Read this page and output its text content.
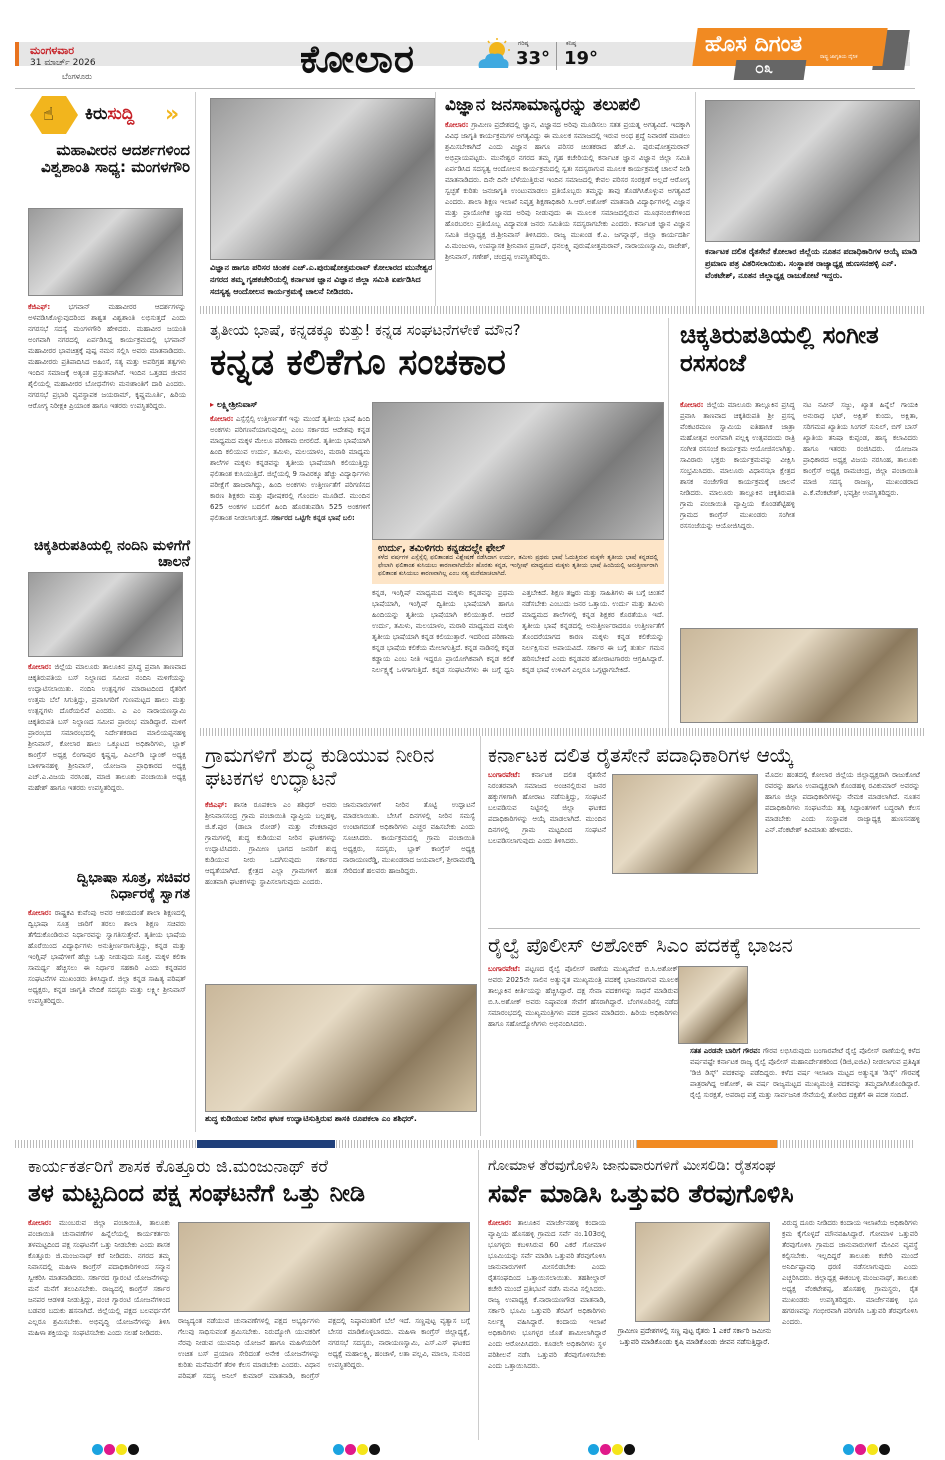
ಮಂಗಳವಾರ
31 ಮಾರ್ಚ್ 2026
ಬೆಂಗಳೂರು	ಕೋಲಾರ	ಗರಿಷ್ಠ
33°
ಕನಿಷ್ಠ
19°
ಹೊಸ ದಿಗಂತ	ರಾಷ್ಟ್ರ ಜಾಗೃತಿಯ ದೈನಿಕ
೦೩
☝ ಕಿರುಸುದ್ದಿ »
ಮಹಾವೀರನ ಆದರ್ಶಗಳಿಂದ ವಿಶ್ವಶಾಂತಿ ಸಾಧ್ಯ: ಮಂಗಳಗೌರಿ
ಕೆಜಿಎಫ್:	ಭಗವಾನ್ ಮಹಾವೀರರ ಆದರ್ಶಗಳನ್ನು ಅಳವಡಿಸಿಕೊಳ್ಳುವುದರಿಂದ ಶಾಶ್ವತ ವಿಶ್ವಶಾಂತಿ ಲಭಿಸುತ್ತದೆ ಎಂದು ನಗರಸಭೆ ಸದಸ್ಯೆ ಮಂಗಳಗೌರಿ ಹೇಳಿದರು. ಮಹಾವೀರ ಜಯಂತಿ ಅಂಗವಾಗಿ ನಗರದಲ್ಲಿ ಏರ್ಪಡಿಸಿದ್ದ ಕಾರ್ಯಕ್ರಮದಲ್ಲಿ ಭಗವಾನ್ ಮಹಾವೀರರ ಭಾವಚಿತ್ರಕ್ಕೆ ಪುಷ್ಪ ನಮನ ಸಲ್ಲಿಸಿ ಅವರು ಮಾತನಾಡಿದರು. ಮಹಾವೀರರು ಪ್ರತಿಪಾದಿಸಿದ ಅಹಿಂಸೆ, ಸತ್ಯ ಮತ್ತು ಅಪರಿಗ್ರಹ ತತ್ವಗಳು ಇಂದಿನ ಸಮಾಜಕ್ಕೆ ಅತ್ಯಂತ ಪ್ರಸ್ತುತವಾಗಿವೆ. ಇಂದಿನ ಒತ್ತಡದ ಜೀವನ ಶೈಲಿಯಲ್ಲಿ ಮಹಾವೀರರ ಬೋಧನೆಗಳು ಮನಃಶಾಂತಿಗೆ ದಾರಿ ಎಂದರು. ನಗರಸಭೆ ಪ್ರಭಾರಿ ವ್ಯವಸ್ಥಾಪಕ ಜಯರಾಮ್, ಕೃಷ್ಣಮೂರ್ತಿ, ಹಿರಿಯ ಆರೋಗ್ಯ ನಿರೀಕ್ಷಕಿ ಪ್ರಿಯಾಂಕ ಹಾಗೂ ಇತರರು ಉಪಸ್ಥಿತರಿದ್ದರು.
ಚಿಕ್ಕತಿರುಪತಿಯಲ್ಲಿ ನಂದಿನಿ ಮಳಿಗೆಗೆ ಚಾಲನೆ
ಕೋಲಾರ: ಜಿಲ್ಲೆಯ ಮಾಲೂರು ತಾಲೂಕಿನ ಪ್ರಸಿದ್ಧ ಪ್ರವಾಸಿ ತಾಣವಾದ ಚಿಕ್ಕತಿರುಪತಿಯ ಬಸ್ ನಿಲ್ದಾಣದ ಸಮೀಪ ನಂದಿನಿ ಮಳಿಗೆಯನ್ನು ಉದ್ಘಾಟಿಸಲಾಯಿತು. ನಂದಿನಿ ಉತ್ಪನ್ನಗಳ ಮಾರಾಟದಿಂದ ರೈತರಿಗೆ ಉತ್ತಮ ಬೆಲೆ ಸಿಗುತ್ತಿದ್ದು, ಪ್ರವಾಸಿಗರಿಗೆ ಗುಣಮಟ್ಟದ ಹಾಲು ಮತ್ತು ಉತ್ಪನ್ನಗಳು ದೊರೆಯಲಿವೆ ಎಂದರು. ಎ ಎಂ ನಾರಾಯಣಸ್ವಾಮಿ ಚಿಕ್ಕತಿರುಪತಿ ಬಸ್ ನಿಲ್ದಾಣದ ಸಮೀಪ ಪ್ರಾರಂಭ ಮಾಡಿದ್ದಾರೆ. ಮಳಿಗೆ ಪ್ರಾರಂಭದ ಸಮಾರಂಭದಲ್ಲಿ ನಿರ್ದೇಶಕರಾದ ಮಾಲಿಯಪ್ಪನಹಳ್ಳಿ ಶ್ರೀನಿವಾಸ್, ಕೋಲಾರ ಹಾಲು ಒಕ್ಕೂಟದ ಅಧಿಕಾರಿಗಳು, ಬ್ಲಾಕ್ ಕಾಂಗ್ರೆಸ್ ಅಧ್ಯಕ್ಷ ಲಿಂಗಾಪುರ ಕೃಷ್ಣಪ್ಪ, ಪಿಎಲ್‌ಡಿ ಬ್ಯಾಂಕ್ ಅಧ್ಯಕ್ಷ ಬಾಳಿಗಾನಹಳ್ಳಿ ಶ್ರೀನಿವಾಸ್, ಯೋಜನಾ ಪ್ರಾಧಿಕಾರದ ಅಧ್ಯಕ್ಷ ಎಚ್.ಎ.ವಿಜಯ ನರಸಿಂಹ, ಮಾಜಿ ತಾಲೂಕು ಪಂಚಾಯಿತಿ ಅಧ್ಯಕ್ಷ ಮಹೇಶ್ ಹಾಗೂ ಇತರರು ಉಪಸ್ಥಿತರಿದ್ದರು.
ದ್ವಿಭಾಷಾ ಸೂತ್ರ, ಸಚಿವರ ನಿರ್ಧಾರಕ್ಕೆ ಸ್ವಾಗತ
ಕೋಲಾರ: ರಾಷ್ಟ್ರಕವಿ ಕುವೆಂಪು ಅವರ ಆಶಯದಂತೆ ಶಾಲಾ ಶಿಕ್ಷಣದಲ್ಲಿ ದ್ವಿಭಾಷಾ ಸೂತ್ರ ಜಾರಿಗೆ ತರಲು ಶಾಲಾ ಶಿಕ್ಷಣ ಸಚಿವರು ತೆಗೆದುಕೊಂಡಿರುವ ನಿರ್ಧಾರವನ್ನು ಸ್ವಾಗತಿಸುತ್ತೇವೆ. ತೃತೀಯ ಭಾಷೆಯ ಹೊರೆಯಿಂದ ವಿದ್ಯಾರ್ಥಿಗಳು ಅನುತ್ತೀರ್ಣರಾಗುತ್ತಿದ್ದು, ಕನ್ನಡ ಮತ್ತು ಇಂಗ್ಲಿಷ್ ಭಾಷೆಗಳಿಗೆ ಹೆಚ್ಚು ಒತ್ತು ನೀಡುವುದು ಸೂಕ್ತ. ಮಕ್ಕಳ ಕಲಿಕಾ ಸಾಮರ್ಥ್ಯ ಹೆಚ್ಚಿಸಲು ಈ ನಿರ್ಧಾರ ಸಹಕಾರಿ ಎಂದು ಕನ್ನಡಪರ ಸಂಘಟನೆಗಳ ಮುಖಂಡರು ತಿಳಿಸಿದ್ದಾರೆ. ಜಿಲ್ಲಾ ಕನ್ನಡ ಸಾಹಿತ್ಯ ಪರಿಷತ್ ಅಧ್ಯಕ್ಷರು, ಕನ್ನಡ ಜಾಗೃತಿ ವೇದಿಕೆ ಸದಸ್ಯರು ಮತ್ತು ಲಕ್ಷ್ಮೀ ಶ್ರೀನಿವಾಸ್ ಉಪಸ್ಥಿತರಿದ್ದರು.
ವಿಜ್ಞಾನ ಹಾಗೂ ಪರಿಸರ ಚಿಂತಕ ಎಚ್.ಎ.ಪುರುಷೋತ್ತಮರಾವ್ ಕೋಲಾರದ ಮುನೇಶ್ವರ ನಗರದ ತಮ್ಮ ಗೃಹಕಚೇರಿಯಲ್ಲಿ ಕರ್ನಾಟಕ ಜ್ಞಾನ ವಿಜ್ಞಾನ ಜಿಲ್ಲಾ ಸಮಿತಿ ಏರ್ಪಡಿಸಿದ ಸದಸ್ಯತ್ವ ಆಂದೋಲನ ಕಾರ್ಯಕ್ರಮಕ್ಕೆ ಚಾಲನೆ ನೀಡಿದರು.
ವಿಜ್ಞಾನ ಜನಸಾಮಾನ್ಯರನ್ನು ತಲುಪಲಿ
ಕೋಲಾರ: ಗ್ರಾಮೀಣ ಪ್ರದೇಶದಲ್ಲಿ ಜ್ಞಾನ, ವಿಜ್ಞಾನದ ಅರಿವು ಮೂಡಿಸಲು ಸತತ ಪ್ರಯತ್ನ ಅಗತ್ಯವಿದೆ. ಇದಕ್ಕಾಗಿ ವಿವಿಧ ಜಾಗೃತಿ ಕಾರ್ಯಕ್ರಮಗಳ ಅಗತ್ಯವಿದ್ದು ಈ ಮೂಲಕ ಸಮಾಜದಲ್ಲಿ ಇರುವ ಅಂಧ ಶ್ರದ್ಧೆ ನಿವಾರಣೆ ಮಾಡಲು ಶ್ರಮಿಸಬೇಕಾಗಿದೆ ಎಂದು ವಿಜ್ಞಾನ ಹಾಗೂ ಪರಿಸರ ಚಿಂತಕರಾದ ಹೆಚ್.ಎ. ಪುರುಷೋತ್ತಮರಾವ್ ಅಭಿಪ್ರಾಯಪಟ್ಟರು. ಮುನೇಶ್ವರ ನಗರದ ತಮ್ಮ ಗೃಹ ಕಚೇರಿಯಲ್ಲಿ ಕರ್ನಾಟಕ ಜ್ಞಾನ ವಿಜ್ಞಾನ ಜಿಲ್ಲಾ ಸಮಿತಿ ಏರ್ಪಡಿಸಿದ ಸದಸ್ಯತ್ವ ಆಂದೋಲನ ಕಾರ್ಯಕ್ರಮದಲ್ಲಿ ಸ್ವತಃ ಸದಸ್ಯರಾಗುವ ಮೂಲಕ ಕಾರ್ಯಕ್ರಮಕ್ಕೆ ಚಾಲನೆ ನೀಡಿ ಮಾತನಾಡಿದರು. ದಿನೇ ದಿನೇ ಬೆಳೆಯುತ್ತಿರುವ ಇಂದಿನ ಸಮಾಜದಲ್ಲಿ ಕೇವಲ ಪರಿಸರ ಸಂರಕ್ಷಣೆ ಅಲ್ಲದೆ ಆರೋಗ್ಯ ಸ್ವಚ್ಛತೆ ಕುರಿತು ಜನಜಾಗೃತಿ ಉಂಟುಮಾಡಲು ಪ್ರತಿಯೊಬ್ಬರು ತಮ್ಮನ್ನು ತಾವು ತೊಡಗಿಸಿಕೊಳ್ಳುವ ಅಗತ್ಯವಿದೆ ಎಂದರು. ಶಾಲಾ ಶಿಕ್ಷಣ ಇಲಾಖೆ ನಿವೃತ್ತ ಶಿಕ್ಷಣಾಧಿಕಾರಿ ಸಿ.ಆರ್.ಅಶೋಕ್ ಮಾತನಾಡಿ ವಿದ್ಯಾರ್ಥಿಗಳಲ್ಲಿ ವಿಜ್ಞಾನ ಮತ್ತು ಪ್ರಾಯೋಗಿಕ ಜ್ಞಾನದ ಅರಿವು ನೀಡುವುದು ಈ ಮೂಲಕ ಸಮಾಜದಲ್ಲಿರುವ ಮೂಢನಂಬಿಕೆಗಳಿಂದ ಹೊರಬರಲು ಪ್ರತಿಯೊಬ್ಬ ವಿದ್ಯಾವಂತ ಜನರು ಸಮಿತಿಯ ಸದಸ್ಯರಾಗಬೇಕು ಎಂದರು. ಕರ್ನಾಟಕ ಜ್ಞಾನ ವಿಜ್ಞಾನ ಸಮಿತಿ ಜಿಲ್ಲಾಧ್ಯಕ್ಷ ಜಿ.ಶ್ರೀನಿವಾಸ್ ತಿಳಿಸಿದರು. ರಾಜ್ಯ ಮುಖಂಡ ಕೆ.ಎ. ಜಗನ್ನಾಥ್, ಜಿಲ್ಲಾ ಕಾರ್ಯದರ್ಶಿ ವಿ.ಮಂಜುಳಾ, ಉಪನ್ಯಾಸಕ ಶ್ರೀನಿವಾಸ ಪ್ರಸಾದ್, ಧನಲಕ್ಷ್ಮಿ ಪುರುಷೋತ್ತಮರಾವ್, ನಾರಾಯಣಸ್ವಾಮಿ, ರಾಜೇಶ್, ಶ್ರೀನಿವಾಸ್, ಗಣೇಶ್, ಚಂದ್ರಪ್ಪ ಉಪಸ್ಥಿತರಿದ್ದರು.
ಕರ್ನಾಟಕ ದಲಿತ ರೈತಸೇನೆ ಕೋಲಾರ ಜಿಲ್ಲೆಯ ನೂತನ ಪದಾಧಿಕಾರಿಗಳ ಆಯ್ಕೆ ಮಾಡಿ ಪ್ರಮಾಣ ಪತ್ರ ವಿತರಿಸಲಾಯಿತು. ಸಂಸ್ಥಾಪಕ ರಾಜ್ಯಾಧ್ಯಕ್ಷ ಹುಣಸನಹಳ್ಳಿ ಎನ್. ವೆಂಕಟೇಶ್, ನೂತನ ಜಿಲ್ಲಾಧ್ಯಕ್ಷ ರಾಜುಕೋಟೆ ಇದ್ದರು.
ತೃತೀಯ ಭಾಷೆ, ಕನ್ನಡಕ್ಕೂ ಕುತ್ತು! ಕನ್ನಡ ಸಂಘಟನೆಗಳೇಕೆ ಮೌನ?
ಕನ್ನಡ ಕಲಿಕೆಗೂ ಸಂಚಕಾರ
▸ ಲಕ್ಷ್ಮೀಶ್ರೀನಿವಾಸ್
ಕೋಲಾರ: ಎಸ್ಸೆಸ್ಸೆಲ್ಸಿ ಉತ್ತೀರ್ಣತೆಗೆ ಇನ್ನು ಮುಂದೆ ತೃತೀಯ ಭಾಷೆ ಹಿಂದಿ ಅಂಕಗಳು ಪರಿಗಣನೆಯಾಗುವುದಿಲ್ಲ ಎಂಬ ಸರ್ಕಾರದ ಆದೇಶವು ಕನ್ನಡ ಮಾಧ್ಯಮದ ಮಕ್ಕಳ ಮೇಲೂ ಪರಿಣಾಮ ಬೀರಲಿದೆ. ತೃತೀಯ ಭಾಷೆಯಾಗಿ ಹಿಂದಿ ಕಲಿಯುವ ಉರ್ದು, ತಮಿಳು, ಮಲಯಾಳಂ, ಮರಾಠಿ ಮಾಧ್ಯಮ ಶಾಲೆಗಳ ಮಕ್ಕಳು ಕನ್ನಡವನ್ನು ತೃತೀಯ ಭಾಷೆಯಾಗಿ ಕಲಿಯುತ್ತಿದ್ದು ಫಲಿತಾಂಶ ಕುಸಿಯುತ್ತಿದೆ. ಜಿಲ್ಲೆಯಲ್ಲಿ 9 ಸಾವಿರಕ್ಕೂ ಹೆಚ್ಚು ವಿದ್ಯಾರ್ಥಿಗಳು ಪರೀಕ್ಷೆಗೆ ಹಾಜರಾಗಿದ್ದು, ಹಿಂದಿ ಅಂಕಗಳು ಉತ್ತೀರ್ಣತೆಗೆ ಪರಿಗಣಿಸದ ಕಾರಣ ಶಿಕ್ಷಕರು ಮತ್ತು ಪೋಷಕರಲ್ಲಿ ಗೊಂದಲ ಮೂಡಿದೆ. ಮುಂದಿನ 625 ಅಂಕಗಳ ಬದಲಿಗೆ ಹಿಂದಿ ಹೊರತುಪಡಿಸಿ 525 ಅಂಕಗಳಿಗೆ ಫಲಿತಾಂಶ ನೀಡಲಾಗುತ್ತದೆ. ಸರ್ಕಾರದ ಒಟ್ಟಿಗೇ ಕನ್ನಡ ಭಾಷೆ ಬಲಿ:
ಉರ್ದು, ತಮಿಳಿಗರು ಕನ್ನಡದಲ್ಲೇ ಫೇಲ್
ಕಳೆದ ವರ್ಷಗಳ ಎಸ್ಸೆಸ್ಸೆಲ್ಸಿ ಫಲಿತಾಂಶದ ವಿಶ್ಲೇಷಣೆ ನಡೆಸಿದಾಗ ಉರ್ದು, ತಮಿಳು ಪ್ರಥಮ ಭಾಷೆ ಓದುತ್ತಿರುವ ಮಕ್ಕಳೇ ತೃತೀಯ ಭಾಷೆ ಕನ್ನಡದಲ್ಲಿ ಫೇಲಾಗಿ ಫಲಿತಾಂಶ ಕುಸಿಯಲು ಕಾರಣವಾಗಿದೆಯೇ ಹೊರತು ಕನ್ನಡ, ಇಂಗ್ಲೀಷ್ ಮಾಧ್ಯಮದ ಮಕ್ಕಳು ತೃತೀಯ ಭಾಷೆ ಹಿಂದಿಯಲ್ಲಿ ಅನುತ್ತೀರ್ಣರಾಗಿ ಫಲಿತಾಂಶ ಕುಸಿಯಲು ಕಾರಣವಾಗಿಲ್ಲ ಎಂಬ ಸತ್ಯ ಮರೆಮಾಚಲಾಗಿದೆ.
ಕನ್ನಡ, ಇಂಗ್ಲಿಷ್ ಮಾಧ್ಯಮದ ಮಕ್ಕಳು ಕನ್ನಡವನ್ನು ಪ್ರಥಮ ಭಾಷೆಯಾಗಿ, ಇಂಗ್ಲಿಷ್ ದ್ವಿತೀಯ ಭಾಷೆಯಾಗಿ ಹಾಗೂ ಹಿಂದಿಯನ್ನು ತೃತೀಯ ಭಾಷೆಯಾಗಿ ಕಲಿಯುತ್ತಾರೆ. ಆದರೆ ಉರ್ದು, ತಮಿಳು, ಮಲಯಾಳಂ, ಮರಾಠಿ ಮಾಧ್ಯಮದ ಮಕ್ಕಳು ತೃತೀಯ ಭಾಷೆಯಾಗಿ ಕನ್ನಡ ಕಲಿಯುತ್ತಾರೆ. ಇದರಿಂದ ಪರಿಣಾಮ ಕನ್ನಡ ಭಾಷೆಯ ಕಲಿಕೆಯ ಮೇಲಾಗುತ್ತಿದೆ. ಕನ್ನಡ ನಾಡಿನಲ್ಲಿ ಕನ್ನಡ ಕಡ್ಡಾಯ ಎಂಬ ನೀತಿ ಇದ್ದರೂ ಪ್ರಾಯೋಗಿಕವಾಗಿ ಕನ್ನಡ ಕಲಿಕೆ ನಿರ್ಲಕ್ಷ್ಯಕ್ಕೆ ಒಳಗಾಗುತ್ತಿದೆ. ಕನ್ನಡ ಸಂಘಟನೆಗಳು ಈ ಬಗ್ಗೆ ಧ್ವನಿ ಎತ್ತಬೇಕಿದೆ. ಶಿಕ್ಷಣ ತಜ್ಞರು ಮತ್ತು ಸಾಹಿತಿಗಳು ಈ ಬಗ್ಗೆ ಚಿಂತನೆ ನಡೆಸಬೇಕು ಎಂಬುದು ಜನರ ಒತ್ತಾಯ. ಉರ್ದು ಮತ್ತು ತಮಿಳು ಮಾಧ್ಯಮದ ಶಾಲೆಗಳಲ್ಲಿ ಕನ್ನಡ ಶಿಕ್ಷಕರ ಕೊರತೆಯೂ ಇದೆ. ತೃತೀಯ ಭಾಷೆ ಕನ್ನಡದಲ್ಲಿ ಅನುತ್ತೀರ್ಣರಾದರೂ ಉತ್ತೀರ್ಣತೆಗೆ ತೊಂದರೆಯಾಗದ ಕಾರಣ ಮಕ್ಕಳು ಕನ್ನಡ ಕಲಿಕೆಯನ್ನು ನಿರ್ಲಕ್ಷಿಸುವ ಅಪಾಯವಿದೆ. ಸರ್ಕಾರ ಈ ಬಗ್ಗೆ ತುರ್ತು ಗಮನ ಹರಿಸಬೇಕಿದೆ ಎಂದು ಕನ್ನಡಪರ ಹೋರಾಟಗಾರರು ಆಗ್ರಹಿಸಿದ್ದಾರೆ. ಕನ್ನಡ ಭಾಷೆ ಉಳಿವಿಗೆ ಎಲ್ಲರೂ ಒಗ್ಗಟ್ಟಾಗಬೇಕಿದೆ.
ಚಿಕ್ಕತಿರುಪತಿಯಲ್ಲಿ ಸಂಗೀತ ರಸಸಂಜೆ
ಕೋಲಾರ: ಜಿಲ್ಲೆಯ ಮಾಲೂರು ತಾಲ್ಲೂಕಿನ ಪ್ರಸಿದ್ಧ ಪ್ರವಾಸಿ ತಾಣವಾದ ಚಿಕ್ಕತಿರುಪತಿ ಶ್ರೀ ಪ್ರಸನ್ನ ವೆಂಕಟರಮಣ ಸ್ವಾಮಿಯ ಐತಿಹಾಸಿಕ ಜಾತ್ರಾ ಮಹೋತ್ಸವ ಅಂಗವಾಗಿ ಪಲ್ಲಕ್ಕಿ ಉತ್ಸವದಂದು ರಾತ್ರಿ ಸಂಗೀತ ರಸಸಂಜೆ ಕಾರ್ಯಕ್ರಮ ಆಯೋಜಿಸಲಾಗಿತ್ತು. ಸಾವಿರಾರು ಭಕ್ತರು ಕಾರ್ಯಕ್ರಮವನ್ನು ವೀಕ್ಷಿಸಿ ಸಂಭ್ರಮಿಸಿದರು. ಮಾಲೂರು ವಿಧಾನಸಭಾ ಕ್ಷೇತ್ರದ ಶಾಸಕ ನಂಜೇಗೌಡ ಕಾರ್ಯಕ್ರಮಕ್ಕೆ ಚಾಲನೆ ನೀಡಿದರು. ಮಾಲೂರು ತಾಲ್ಲೂಕಿನ ಚಿಕ್ಕತಿರುಪತಿ ಗ್ರಾಮ ಪಂಚಾಯಿತಿ ವ್ಯಾಪ್ತಿಯ ಕೊಂಡಶೆಟ್ಟಿಹಳ್ಳಿ ಗ್ರಾಮದ ಕಾಂಗ್ರೆಸ್ ಮುಖಂಡರು ಸಂಗೀತ ರಸಸಂಜೆಯನ್ನು ಆಯೋಜಿಸಿದ್ದರು.
ನಟ ನವೀನ್ ಸಜ್ಜು, ಖ್ಯಾತ ಹಿನ್ನೆಲೆ ಗಾಯಕಿ ಅನುರಾಧ ಭಟ್, ಅಕ್ಷಿತ್ ಕುಂದು, ಅಕ್ಷಿತಾ, ಸರಿಗಮಪ ಖ್ಯಾತಿಯ ಸಿಂಗರ್ ಸುನಿಲ್, ಬಿಗ್ ಬಾಸ್ ಖ್ಯಾತಿಯ ತನಿಷಾ ಕುಪ್ಪಂಡ, ಹಾಸ್ಯ ಕಲಾವಿದರು ಹಾಗೂ ಇತರರು ರಂಜಿಸಿದರು. ಯೋಜನಾ ಪ್ರಾಧಿಕಾರದ ಅಧ್ಯಕ್ಷ ವಿಜಯ ನರಸಿಂಹ, ತಾಲೂಕು ಕಾಂಗ್ರೆಸ್ ಅಧ್ಯಕ್ಷ ರಾಮಚಂದ್ರ, ಜಿಲ್ಲಾ ಪಂಚಾಯಿತಿ ಮಾಜಿ ಸದಸ್ಯ ರಾಜಣ್ಣ, ಮುಖಂಡರಾದ ಎ.ಕೆ.ವೆಂಕಟೇಶ್, ಭವ್ಯಶ್ರೀ ಉಪಸ್ಥಿತರಿದ್ದರು.
ಗ್ರಾಮಗಳಿಗೆ ಶುದ್ಧ ಕುಡಿಯುವ ನೀರಿನ ಘಟಕಗಳ ಉದ್ಘಾಟನೆ
ಕೆಜಿಎಫ್: ಶಾಸಕಿ ರೂಪಕಲಾ ಎಂ ಶಶಿಧರ್ ಅವರು ಶ್ರೀನಿವಾಸಸಂದ್ರ ಗ್ರಾಮ ಪಂಚಾಯಿತಿ ವ್ಯಾಪ್ತಿಯ ಬಲ್ಲಹಳ್ಳಿ, ಜಿ.ಕೆ.ಪುರ (ಡಾಬಾ ರೋಡ್) ಮತ್ತು ವೆಂಕಟಾಪುರ ಗ್ರಾಮಗಳಲ್ಲಿ ಶುದ್ಧ ಕುಡಿಯುವ ನೀರಿನ ಘಟಕಗಳನ್ನು ಉದ್ಘಾಟಿಸಿದರು. ಗ್ರಾಮೀಣ ಭಾಗದ ಜನರಿಗೆ ಶುದ್ಧ ಕುಡಿಯುವ ನೀರು ಒದಗಿಸುವುದು ಸರ್ಕಾರದ ಆದ್ಯತೆಯಾಗಿದೆ. ಕ್ಷೇತ್ರದ ಎಲ್ಲಾ ಗ್ರಾಮಗಳಿಗೆ ಹಂತ ಹಂತವಾಗಿ ಘಟಕಗಳನ್ನು ಸ್ಥಾಪಿಸಲಾಗುವುದು ಎಂದರು.
ಜಾನುವಾರುಗಳಿಗೆ ನೀರಿನ ತೊಟ್ಟಿ ಉದ್ಘಾಟನೆ ಮಾಡಲಾಯಿತು. ಬೇಸಿಗೆ ದಿನಗಳಲ್ಲಿ ನೀರಿನ ಸಮಸ್ಯೆ ಉಂಟಾಗದಂತೆ ಅಧಿಕಾರಿಗಳು ಎಚ್ಚರ ವಹಿಸಬೇಕು ಎಂದು ಸೂಚಿಸಿದರು. ಕಾರ್ಯಕ್ರಮದಲ್ಲಿ ಗ್ರಾಮ ಪಂಚಾಯಿತಿ ಅಧ್ಯಕ್ಷರು, ಸದಸ್ಯರು, ಬ್ಲಾಕ್ ಕಾಂಗ್ರೆಸ್ ಅಧ್ಯಕ್ಷ ನಾರಾಯಣರೆಡ್ಡಿ, ಮುಖಂಡರಾದ ಜಯಪಾಲ್, ಶ್ರೀರಾಮರೆಡ್ಡಿ ಸೇರಿದಂತೆ ಹಲವರು ಹಾಜರಿದ್ದರು.
ಶುದ್ಧ ಕುಡಿಯುವ ನೀರಿನ ಘಟಕ ಉದ್ಘಾಟಿಸುತ್ತಿರುವ ಶಾಸಕಿ ರೂಪಕಲಾ ಎಂ ಶಶಿಧರ್.
ಕರ್ನಾಟಕ ದಲಿತ ರೈತಸೇನೆ ಪದಾಧಿಕಾರಿಗಳ ಆಯ್ಕೆ
ಬಂಗಾರಪೇಟೆ: ಕರ್ನಾಟಕ ದಲಿತ ರೈತಸೇನೆ ನಿರಂತರವಾಗಿ ಸಮಾಜದ ಅಂಚಿನಲ್ಲಿರುವ ಜನರ ಹಕ್ಕುಗಳಿಗಾಗಿ ಹೋರಾಟ ನಡೆಸುತ್ತಿದ್ದು, ಸಂಘಟನೆ ಬಲಪಡಿಸುವ ನಿಟ್ಟಿನಲ್ಲಿ ಜಿಲ್ಲಾ ಘಟಕದ ಪದಾಧಿಕಾರಿಗಳನ್ನು ಆಯ್ಕೆ ಮಾಡಲಾಗಿದೆ. ಮುಂದಿನ ದಿನಗಳಲ್ಲಿ ಗ್ರಾಮ ಮಟ್ಟದಿಂದ ಸಂಘಟನೆ ಬಲಪಡಿಸಲಾಗುವುದು ಎಂದು ತಿಳಿಸಿದರು.
ಮೊದಲ ಹಂತದಲ್ಲಿ ಕೋಲಾರ ಜಿಲ್ಲೆಯ ಜಿಲ್ಲಾಧ್ಯಕ್ಷರಾಗಿ ರಾಜುಕೋಟೆ ರವರನ್ನು ಹಾಗೂ ಉಪಾಧ್ಯಕ್ಷರಾಗಿ ಕೊಂಡಹಳ್ಳಿ ರವಿಕುಮಾರ್ ಅವರನ್ನು ಹಾಗೂ ಜಿಲ್ಲಾ ಪದಾಧಿಕಾರಿಗಳನ್ನು ನೇಮಕ ಮಾಡಲಾಗಿದೆ. ನೂತನ ಪದಾಧಿಕಾರಿಗಳು ಸಂಘಟನೆಯ ತತ್ವ ಸಿದ್ಧಾಂತಗಳಿಗೆ ಬದ್ಧರಾಗಿ ಕೆಲಸ ಮಾಡಬೇಕು ಎಂದು ಸಂಸ್ಥಾಪಕ ರಾಜ್ಯಾಧ್ಯಕ್ಷ ಹುಣಸನಹಳ್ಳಿ ಎನ್.ವೆಂಕಟೇಶ್ ಕಿವಿಮಾತು ಹೇಳಿದರು.
ರೈಲ್ವೆ ಪೊಲೀಸ್ ಅಶೋಕ್ ಸಿಎಂ ಪದಕಕ್ಕೆ ಭಾಜನ
ಬಂಗಾರಪೇಟೆ: ಪಟ್ಟಣದ ರೈಲ್ವೆ ಪೊಲೀಸ್ ಠಾಣೆಯ ಮುಖ್ಯಪೇದೆ ಬಿ.ಸಿ.ಅಶೋಕ್ ಅವರು 2025ನೇ ಸಾಲಿನ ಅತ್ಯುನ್ನತ ಮುಖ್ಯಮಂತ್ರಿ ಪದಕಕ್ಕೆ ಭಾಜನರಾಗುವ ಮೂಲಕ ತಾಲ್ಲೂಕಿನ ಕೀರ್ತಿಯನ್ನು ಹೆಚ್ಚಿಸಿದ್ದಾರೆ. ದಕ್ಷ ಸೇವಾ ಪದಕಗಳನ್ನು ಸಾಧನೆ ಮಾಡಿರುವ ಬಿ.ಸಿ.ಅಶೋಕ್ ಅವರು ನಿಷ್ಠಾವಂತ ಸೇವೆಗೆ ಹೆಸರಾಗಿದ್ದಾರೆ. ಬೆಂಗಳೂರಿನಲ್ಲಿ ನಡೆದ ಸಮಾರಂಭದಲ್ಲಿ ಮುಖ್ಯಮಂತ್ರಿಗಳು ಪದಕ ಪ್ರದಾನ ಮಾಡಿದರು. ಹಿರಿಯ ಅಧಿಕಾರಿಗಳು ಹಾಗೂ ಸಹೋದ್ಯೋಗಿಗಳು ಅಭಿನಂದಿಸಿದರು.
ಸತತ ಎರಡನೇ ಬಾರಿಗೆ ಗೌರವ: ಗೌರವ ಲಭಿಸಿರುವುದು ಬಂಗಾರಪೇಟೆ ರೈಲ್ವೆ ಪೊಲೀಸ್ ಠಾಣೆಯಲ್ಲಿ ಕಳೆದ ವರ್ಷವಷ್ಟೇ ಕರ್ನಾಟಕ ರಾಜ್ಯ ರೈಲ್ವೆ ಪೊಲೀಸ್ ಮಹಾನಿರ್ದೇಶಕರಿಂದ (ಡಿಜಿ,ಐಜಿಪಿ) ನೀಡಲಾಗುವ ಪ್ರತಿಷ್ಠಿತ 'ಡಿಜಿ ಡಿಸ್ಕ್' ಪದಕವನ್ನು ಪಡೆದಿದ್ದರು. ಕಳೆದ ವರ್ಷ ಇಲಾಖಾ ಮಟ್ಟದ ಅತ್ಯುನ್ನತ 'ಡಿಸ್ಕ್' ಗೌರವಕ್ಕೆ ಪಾತ್ರರಾಗಿದ್ದ ಅಶೋಕ್, ಈ ವರ್ಷ ರಾಜ್ಯಮಟ್ಟದ ಮುಖ್ಯಮಂತ್ರಿ ಪದಕವನ್ನು ತಮ್ಮದಾಗಿಸಿಕೊಂಡಿದ್ದಾರೆ. ರೈಲ್ವೆ ಸುರಕ್ಷತೆ, ಅಪರಾಧ ಪತ್ತೆ ಮತ್ತು ಸಾರ್ವಜನಿಕ ಸೇವೆಯಲ್ಲಿ ತೋರಿದ ದಕ್ಷತೆಗೆ ಈ ಪದಕ ಸಂದಿದೆ.
ಕಾರ್ಯಕರ್ತರಿಗೆ ಶಾಸಕ ಕೊತ್ತೂರು ಜಿ.ಮಂಜುನಾಥ್ ಕರೆ
ತಳ ಮಟ್ಟದಿಂದ ಪಕ್ಷ ಸಂಘಟನೆಗೆ ಒತ್ತು ನೀಡಿ
ಕೋಲಾರ: ಮುಂಬರುವ ಜಿಲ್ಲಾ ಪಂಚಾಯಿತಿ, ತಾಲೂಕು ಪಂಚಾಯಿತಿ ಚುನಾವಣೆಗಳ ಹಿನ್ನೆಲೆಯಲ್ಲಿ ಕಾರ್ಯಕರ್ತರು ತಳಮಟ್ಟದಿಂದ ಪಕ್ಷ ಸಂಘಟನೆಗೆ ಒತ್ತು ನೀಡಬೇಕು ಎಂದು ಶಾಸಕ ಕೊತ್ತೂರು ಜಿ.ಮಂಜುನಾಥ್ ಕರೆ ನೀಡಿದರು. ನಗರದ ತಮ್ಮ ನಿವಾಸದಲ್ಲಿ ಮಹಿಳಾ ಕಾಂಗ್ರೆಸ್ ಪದಾಧಿಕಾರಿಗಳಿಂದ ಸನ್ಮಾನ ಸ್ವೀಕರಿಸಿ ಮಾತನಾಡಿದರು. ಸರ್ಕಾರದ ಗ್ಯಾರಂಟಿ ಯೋಜನೆಗಳನ್ನು ಮನೆ ಮನೆಗೆ ತಲುಪಿಸಬೇಕು. ರಾಜ್ಯದಲ್ಲಿ ಕಾಂಗ್ರೆಸ್ ಸರ್ಕಾರ ಜನಪರ ಆಡಳಿತ ನೀಡುತ್ತಿದ್ದು, ಪಂಚ ಗ್ಯಾರಂಟಿ ಯೋಜನೆಗಳಿಂದ ಬಡವರ ಬದುಕು ಹಸನಾಗಿದೆ. ಜಿಲ್ಲೆಯಲ್ಲಿ ಪಕ್ಷದ ಬಲವರ್ಧನೆಗೆ ಎಲ್ಲರೂ ಶ್ರಮಿಸಬೇಕು. ಅಭಿವೃದ್ಧಿ ಯೋಜನೆಗಳನ್ನು ತಿಳಿಸಿ ಮಹಿಳಾ ಶಕ್ತಿಯನ್ನು ಸಂಘಟಿಸಬೇಕು ಎಂದು ಸಲಹೆ ನೀಡಿದರು.
ರಾಜ್ಯದ್ಯಂತ ನಡೆಯುವ ಚುನಾವಣೆಗಳಲ್ಲಿ ಪಕ್ಷದ ಅಭ್ಯರ್ಥಿಗಳು ಗೆಲುವು ಸಾಧಿಸುವಂತೆ ಶ್ರಮಿಸಬೇಕು. ನಿರುದ್ಯೋಗಿ ಯುವಕರಿಗೆ ನೆರವು ನೀಡುವ ಯುವನಿಧಿ ಯೋಜನೆ ಹಾಗೂ ಮಹಿಳೆಯರಿಗೆ ಉಚಿತ ಬಸ್ ಪ್ರಯಾಣ ಸೇರಿದಂತೆ ಅನೇಕ ಯೋಜನೆಗಳನ್ನು ಕುರಿತು ಮನೆಮನೆಗೆ ತೆರಳಿ ಕೆಲಸ ಮಾಡಬೇಕು ಎಂದರು. ವಿಧಾನ ಪರಿಷತ್ ಸದಸ್ಯ ಅನಿಲ್ ಕುಮಾರ್ ಮಾತನಾಡಿ, ಕಾಂಗ್ರೆಸ್ ಪಕ್ಷದಲ್ಲಿ ನಿಷ್ಠಾವಂತರಿಗೆ ಬೆಲೆ ಇದೆ. ಸಣ್ಣಪುಟ್ಟ ವ್ಯತ್ಯಾಸ ಬಗ್ಗೆ ಬೇಸರ ಮಾಡಿಕೊಳ್ಳಬಾರದು. ಮಹಿಳಾ ಕಾಂಗ್ರೆಸ್ ಜಿಲ್ಲಾಧ್ಯಕ್ಷೆ, ನಗರಸಭೆ ಸದಸ್ಯರು, ನಾರಾಯಣಸ್ವಾಮಿ, ಎಸ್.ಎಸ್ ಘಟಕದ ಅಧ್ಯಕ್ಷೆ ಮಹಾಲಕ್ಷ್ಮಿ, ಹಂಚಾಳೆ, ಲತಾ ಪಲ್ಲವಿ, ಮಾಲಾ, ಸುನಂದ ಉಪಸ್ಥಿತರಿದ್ದರು.
ಗೋಮಾಳ ತೆರವುಗೊಳಿಸಿ ಜಾನುವಾರುಗಳಿಗೆ ಮೀಸಲಿಡಿ: ರೈತಸಂಘ
ಸರ್ವೆ ಮಾಡಿಸಿ ಒತ್ತುವರಿ ತೆರವುಗೊಳಿಸಿ
ಕೋಲಾರ: ತಾಲೂಕಿನ ಮಾರ್ಜೇನಹಳ್ಳಿ ಕಂದಾಯ ವ್ಯಾಪ್ತಿಯ ಹೊಸಹಳ್ಳಿ ಗ್ರಾಮದ ಸರ್ವೆ ನಂ.103ರಲ್ಲಿ ಭೂಗಳ್ಳರು ಕಬಳಿಸಿರುವ 60 ಎಕರೆ ಗೋಮಾಳ ಭೂಮಿಯನ್ನು ಸರ್ವೆ ಮಾಡಿಸಿ ಒತ್ತುವರಿ ತೆರವುಗೊಳಿಸಿ ಜಾನುವಾರುಗಳಿಗೆ ಮೀಸಲಿಡಬೇಕು ಎಂದು ರೈತಸಂಘದಿಂದ ಒತ್ತಾಯಿಸಲಾಯಿತು. ತಹಶೀಲ್ದಾರ್ ಕಚೇರಿ ಮುಂದೆ ಪ್ರತಿಭಟನೆ ನಡೆಸಿ ಮನವಿ ಸಲ್ಲಿಸಿದರು. ರಾಜ್ಯ ಉಪಾಧ್ಯಕ್ಷ ಕೆ.ನಾರಾಯಣಗೌಡ ಮಾತನಾಡಿ, ಸರ್ಕಾರಿ ಭೂಮಿ ಒತ್ತುವರಿ ತೆರವಿಗೆ ಅಧಿಕಾರಿಗಳು ನಿರ್ಲಕ್ಷ್ಯ ವಹಿಸಿದ್ದಾರೆ. ಕಂದಾಯ ಇಲಾಖೆ ಅಧಿಕಾರಿಗಳು ಭೂಗಳ್ಳರ ಜೊತೆ ಶಾಮೀಲಾಗಿದ್ದಾರೆ ಎಂದು ಆರೋಪಿಸಿದರು. ಕೂಡಲೇ ಅಧಿಕಾರಿಗಳು ಸ್ಥಳ ಪರಿಶೀಲನೆ ನಡೆಸಿ ಒತ್ತುವರಿ ತೆರವುಗೊಳಿಸಬೇಕು ಎಂದು ಒತ್ತಾಯಿಸಿದರು.
ಗ್ರಾಮೀಣ ಪ್ರದೇಶಗಳಲ್ಲಿ ಸಣ್ಣ ಪುಟ್ಟ ರೈತರು 1 ಎಕರೆ ಸರ್ಕಾರಿ ಜಮೀನು ಒತ್ತುವರಿ ಮಾಡಿಕೊಂಡು ಕೃಷಿ ಮಾಡಿಕೊಂಡು ಜೀವನ ನಡೆಸುತ್ತಿದ್ದಾರೆ.
ವಿರುದ್ಧ ದೂರು ನೀಡಿದರು ಕಂದಾಯ ಇಲಾಖೆಯ ಅಧಿಕಾರಿಗಳು ಕ್ರಮ ಕೈಗೊಳ್ಳದೆ ಮೌನವಹಿಸಿದ್ದಾರೆ. ಗೋಮಾಳ ಒತ್ತುವರಿ ತೆರವುಗೊಳಿಸಿ ಗ್ರಾಮದ ಜಾನುವಾರುಗಳಿಗೆ ಮೇವಿನ ವ್ಯವಸ್ಥೆ ಕಲ್ಪಿಸಬೇಕು. ಇಲ್ಲದಿದ್ದರೆ ತಾಲೂಕು ಕಚೇರಿ ಮುಂದೆ ಅನಿರ್ದಿಷ್ಟಾವಧಿ ಧರಣಿ ನಡೆಸಲಾಗುವುದು ಎಂದು ಎಚ್ಚರಿಸಿದರು. ಜಿಲ್ಲಾಧ್ಯಕ್ಷ ಈಕಂಬಳ್ಳಿ ಮಂಜುನಾಥ್, ತಾಲೂಕು ಅಧ್ಯಕ್ಷ ವೆಂಕಟೇಶಪ್ಪ, ಹೊಸಹಳ್ಳಿ ಗ್ರಾಮಸ್ಥರು, ರೈತ ಮುಖಂಡರು ಉಪಸ್ಥಿತರಿದ್ದರು. ಮಾರ್ಜೇನಹಳ್ಳಿ ಭೂ ಹಗರಣವನ್ನು ಗಂಭೀರವಾಗಿ ಪರಿಗಣಿಸಿ ಒತ್ತುವರಿ ತೆರವುಗೊಳಿಸಿ ಎಂದರು.
